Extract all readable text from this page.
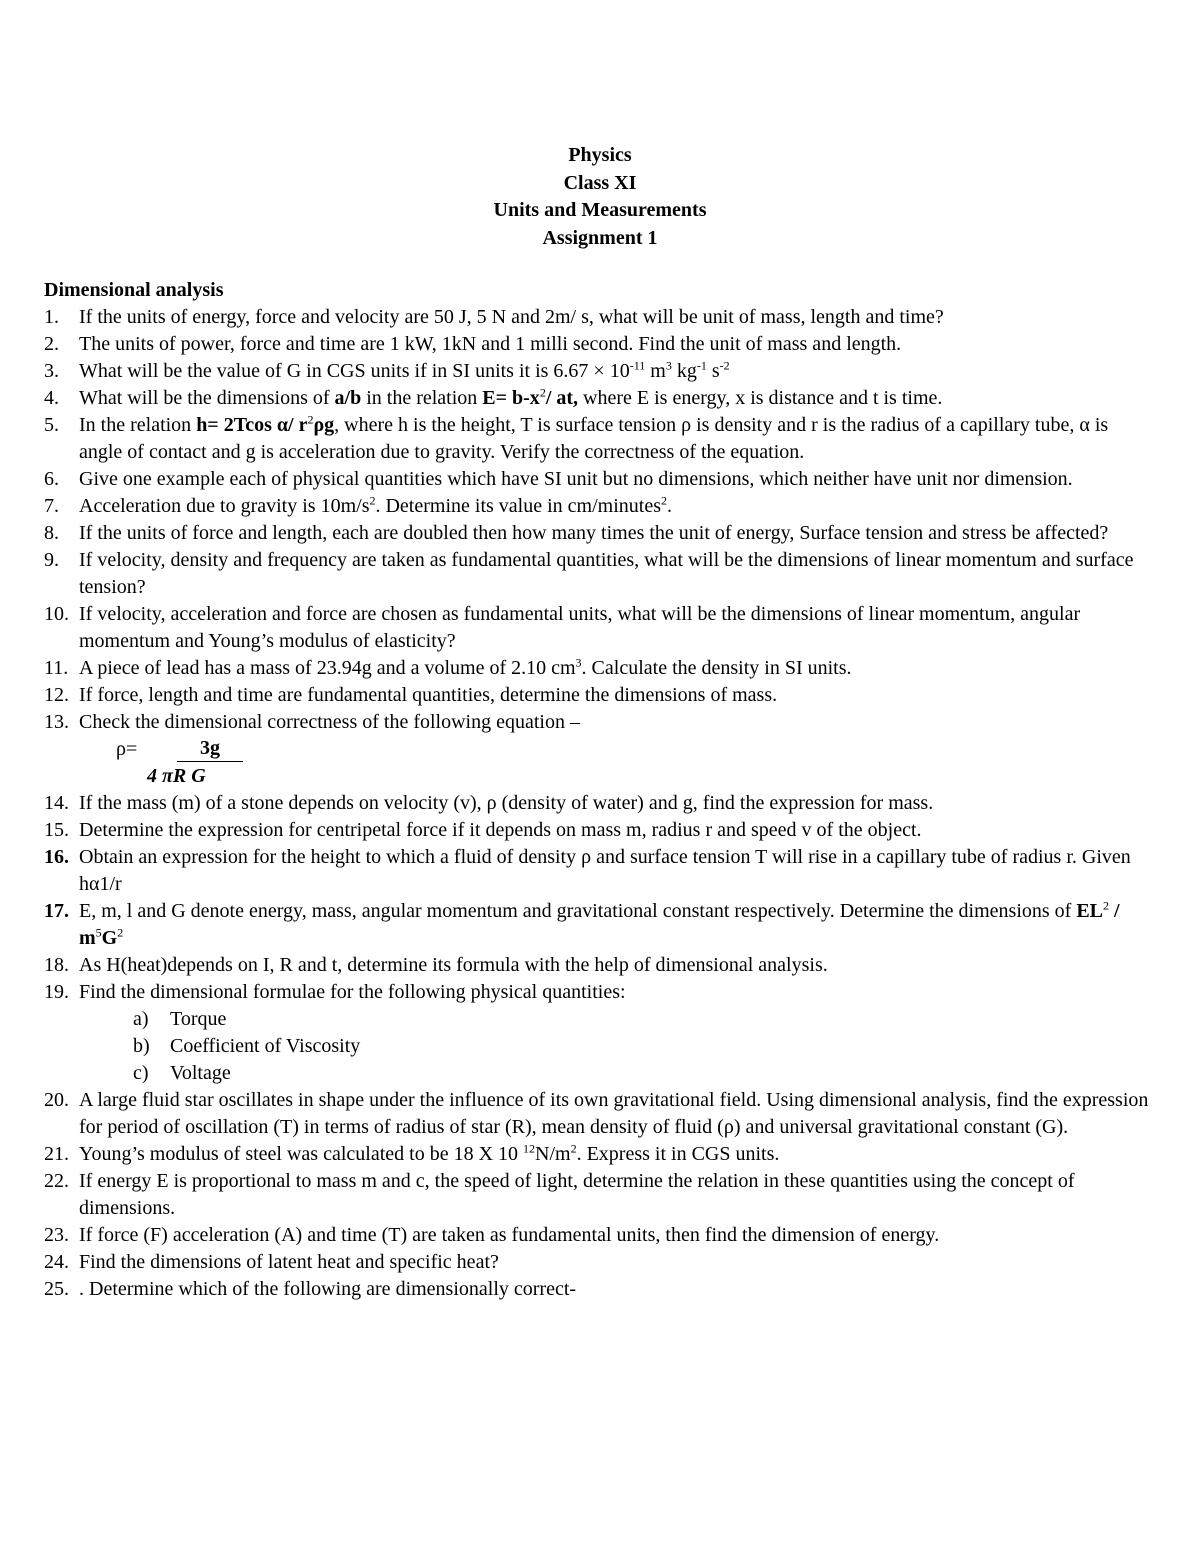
Physics
Class XI
Units and Measurements
Assignment 1
Dimensional analysis
1.	If the units of energy, force and velocity are 50 J, 5 N and 2m/ s, what will be unit of mass, length and time?
2.	The units of power, force and time are 1 kW, 1kN and 1 milli second. Find the unit of mass and length.
3.	What will be the value of G in CGS units if in SI units it is $6.67 \times 10^{-11}$ $m^3$ $kg^{-1}$ $s^{-2}$
4.	What will be the dimensions of a/b in the relation $E= b-x^2/$ at, where E is energy, x is distance and t is time.
5.	In the relation h= 2Tcos α/ $r^2\rho g$, where h is the height, T is surface tension ρ is density and r is the radius of a capillary tube, α is angle of contact and g is acceleration due to gravity. Verify the correctness of the equation.
6.	Give one example each of physical quantities which have SI unit but no dimensions, which neither have unit nor dimension.
7.	Acceleration due to gravity is $10m/s^2$. Determine its value in cm/minutes$^2$.
8.	If the units of force and length, each are doubled then how many times the unit of energy, Surface tension and stress be affected?
9.	If velocity, density and frequency are taken as fundamental quantities, what will be the dimensions of linear momentum and surface tension?
10. If velocity, acceleration and force are chosen as fundamental units, what will be the dimensions of linear momentum, angular momentum and Young’s modulus of elasticity?
11. A piece of lead has a mass of 23.94g and a volume of 2.10 $cm^3$. Calculate the density in SI units.
12. If force, length and time are fundamental quantities, determine the dimensions of mass.
13. Check the dimensional correctness of the following equation –
ρ=	3g
4 πR G
14. If the mass (m) of a stone depends on velocity (v), ρ (density of water) and g, find the expression for mass.
15. Determine the expression for centripetal force if it depends on mass m, radius r and speed v of the object.
16. Obtain an expression for the height to which a fluid of density ρ and surface tension T will rise in a capillary tube of radius r. Given hα1/r
17. E, m, l and G denote energy, mass, angular momentum and gravitational constant respectively. Determine the dimensions of $EL^2 / m^5G^2$
18. As H(heat)depends on I, R and t, determine its formula with the help of dimensional analysis.
19. Find the dimensional formulae for the following physical quantities:
a)	Torque
b)	Coefficient of Viscosity
c)	Voltage
20. A large fluid star oscillates in shape under the influence of its own gravitational field. Using dimensional analysis, find the expression for period of oscillation (T) in terms of radius of star (R), mean density of fluid (ρ) and universal gravitational constant (G).
21. Young’s modulus of steel was calculated to be 18 X 10 $^{12}N/m^2$. Express it in CGS units.
22. If energy E is proportional to mass m and c, the speed of light, determine the relation in these quantities using the concept of dimensions.
23. If force (F) acceleration (A) and time (T) are taken as fundamental units, then find the dimension of energy.
24. Find the dimensions of latent heat and specific heat?
25. . Determine which of the following are dimensionally correct-
